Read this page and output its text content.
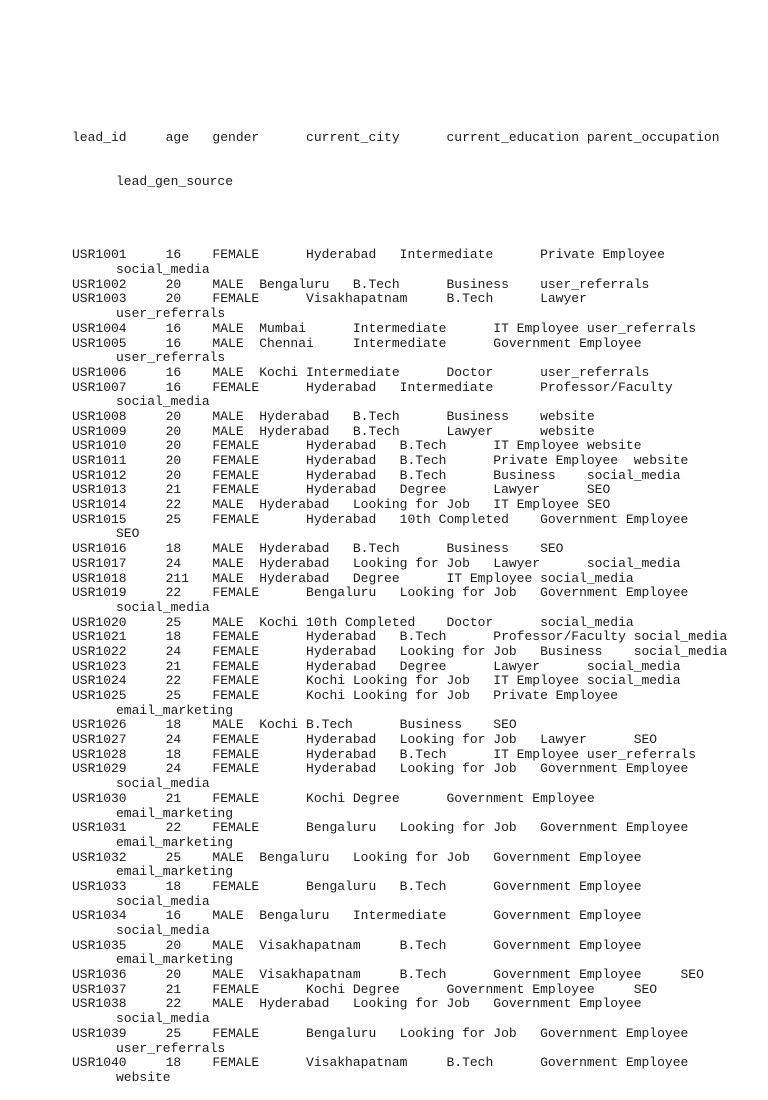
lead_id     age   gender      current_city      current_education parent_occupation

lead_gen_source

USR1001     16    FEMALE      Hyderabad   Intermediate      Private Employee
social_media
USR1002     20    MALE  Bengaluru   B.Tech      Business    user_referrals
USR1003     20    FEMALE      Visakhapatnam     B.Tech      Lawyer
user_referrals
USR1004     16    MALE  Mumbai      Intermediate      IT Employee user_referrals
USR1005     16    MALE  Chennai     Intermediate      Government Employee
user_referrals
USR1006     16    MALE  Kochi Intermediate      Doctor      user_referrals
USR1007     16    FEMALE      Hyderabad   Intermediate      Professor/Faculty
social_media
USR1008     20    MALE  Hyderabad   B.Tech      Business    website
USR1009     20    MALE  Hyderabad   B.Tech      Lawyer      website
USR1010     20    FEMALE      Hyderabad   B.Tech      IT Employee website
USR1011     20    FEMALE      Hyderabad   B.Tech      Private Employee  website
USR1012     20    FEMALE      Hyderabad   B.Tech      Business    social_media
USR1013     21    FEMALE      Hyderabad   Degree      Lawyer      SEO
USR1014     22    MALE  Hyderabad   Looking for Job   IT Employee SEO
USR1015     25    FEMALE      Hyderabad   10th Completed    Government Employee
SEO
USR1016     18    MALE  Hyderabad   B.Tech      Business    SEO
USR1017     24    MALE  Hyderabad   Looking for Job   Lawyer      social_media
USR1018     211   MALE  Hyderabad   Degree      IT Employee social_media
USR1019     22    FEMALE      Bengaluru   Looking for Job   Government Employee
social_media
USR1020     25    MALE  Kochi 10th Completed    Doctor      social_media
USR1021     18    FEMALE      Hyderabad   B.Tech      Professor/Faculty social_media
USR1022     24    FEMALE      Hyderabad   Looking for Job   Business    social_media
USR1023     21    FEMALE      Hyderabad   Degree      Lawyer      social_media
USR1024     22    FEMALE      Kochi Looking for Job   IT Employee social_media
USR1025     25    FEMALE      Kochi Looking for Job   Private Employee
email_marketing
USR1026     18    MALE  Kochi B.Tech      Business    SEO
USR1027     24    FEMALE      Hyderabad   Looking for Job   Lawyer      SEO
USR1028     18    FEMALE      Hyderabad   B.Tech      IT Employee user_referrals
USR1029     24    FEMALE      Hyderabad   Looking for Job   Government Employee
social_media
USR1030     21    FEMALE      Kochi Degree      Government Employee
email_marketing
USR1031     22    FEMALE      Bengaluru   Looking for Job   Government Employee
email_marketing
USR1032     25    MALE  Bengaluru   Looking for Job   Government Employee
email_marketing
USR1033     18    FEMALE      Bengaluru   B.Tech      Government Employee
social_media
USR1034     16    MALE  Bengaluru   Intermediate      Government Employee
social_media
USR1035     20    MALE  Visakhapatnam     B.Tech      Government Employee
email_marketing
USR1036     20    MALE  Visakhapatnam     B.Tech      Government Employee     SEO
USR1037     21    FEMALE      Kochi Degree      Government Employee     SEO
USR1038     22    MALE  Hyderabad   Looking for Job   Government Employee
social_media
USR1039     25    FEMALE      Bengaluru   Looking for Job   Government Employee
user_referrals
USR1040     18    FEMALE      Visakhapatnam     B.Tech      Government Employee
website
